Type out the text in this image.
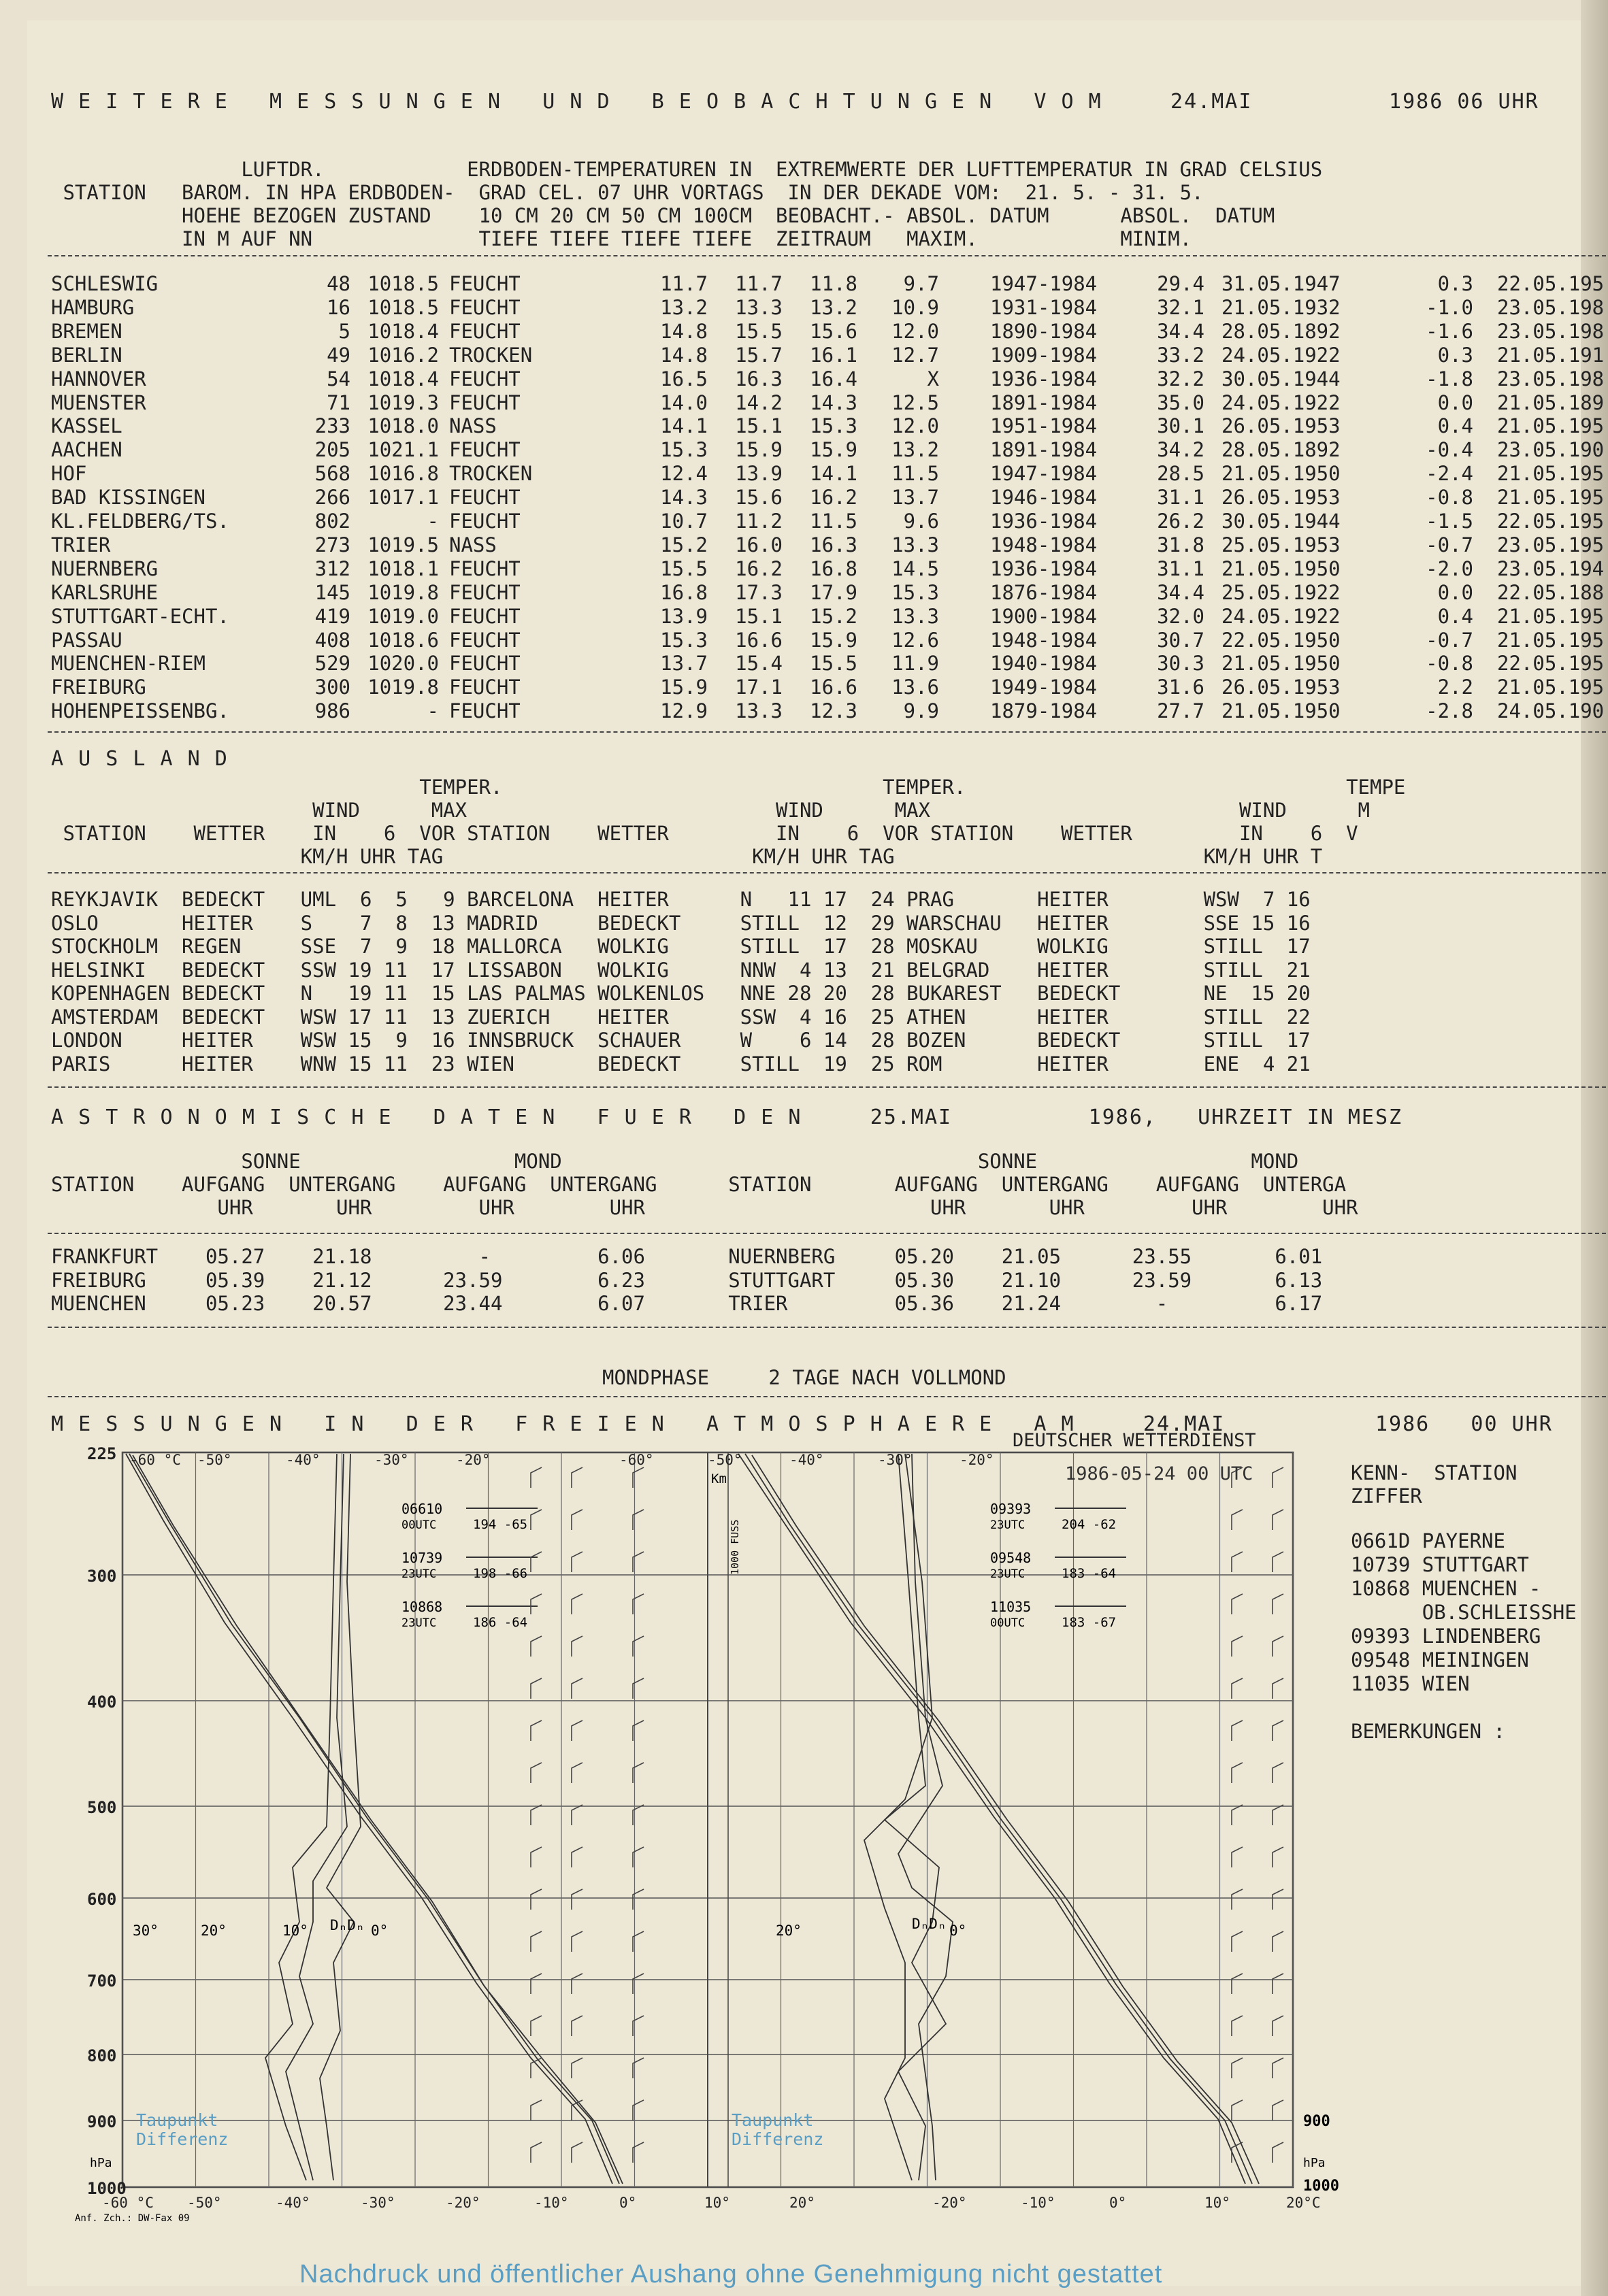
W E I T E R E   M E S S U N G E N   U N D   B E O B A C H T U N G E N   V O M     24.MAI          1986 06 UHR
LUFTDR.            ERDBODEN-TEMPERATUREN IN  EXTREMWERTE DER LUFTTEMPERATUR IN GRAD CELSIUS
STATION   BAROM. IN HPA ERDBODEN-  GRAD CEL. 07 UHR VORTAGS  IN DER DEKADE VOM:  21. 5. - 31. 5.
HOEHE BEZOGEN ZUSTAND    10 CM 20 CM 50 CM 100CM  BEOBACHT.- ABSOL. DATUM      ABSOL.  DATUM
IN M AUF NN              TIEFE TIEFE TIEFE TIEFE  ZEITRAUM   MAXIM.            MINIM.
SCHLESWIG	48 1018.5 FEUCHT	11.7	11.7	11.8	9.7	1947-1984	29.4 31.05.1947	0.3 22.05.195
HAMBURG	16 1018.5 FEUCHT	13.2	13.3	13.2	10.9	1931-1984	32.1 21.05.1932	-1.0 23.05.198
BREMEN	5 1018.4 FEUCHT	14.8	15.5	15.6	12.0	1890-1984	34.4 28.05.1892	-1.6 23.05.198
BERLIN	49 1016.2 TROCKEN	14.8	15.7	16.1	12.7	1909-1984	33.2 24.05.1922	0.3 21.05.191
HANNOVER	54 1018.4 FEUCHT	16.5	16.3	16.4	X	1936-1984	32.2 30.05.1944	-1.8 23.05.198
MUENSTER	71 1019.3 FEUCHT	14.0	14.2	14.3	12.5	1891-1984	35.0 24.05.1922	0.0 21.05.189
KASSEL	233 1018.0 NASS	14.1	15.1	15.3	12.0	1951-1984	30.1 26.05.1953	0.4 21.05.195
AACHEN	205 1021.1 FEUCHT	15.3	15.9	15.9	13.2	1891-1984	34.2 28.05.1892	-0.4 23.05.190
HOF	568 1016.8 TROCKEN	12.4	13.9	14.1	11.5	1947-1984	28.5 21.05.1950	-2.4 21.05.195
BAD KISSINGEN	266 1017.1 FEUCHT	14.3	15.6	16.2	13.7	1946-1984	31.1 26.05.1953	-0.8 21.05.195
KL.FELDBERG/TS.	802	- FEUCHT	10.7	11.2	11.5	9.6	1936-1984	26.2 30.05.1944	-1.5 22.05.195
TRIER	273 1019.5 NASS	15.2	16.0	16.3	13.3	1948-1984	31.8 25.05.1953	-0.7 23.05.195
NUERNBERG	312 1018.1 FEUCHT	15.5	16.2	16.8	14.5	1936-1984	31.1 21.05.1950	-2.0 23.05.194
KARLSRUHE	145 1019.8 FEUCHT	16.8	17.3	17.9	15.3	1876-1984	34.4 25.05.1922	0.0 22.05.188
STUTTGART-ECHT.	419 1019.0 FEUCHT	13.9	15.1	15.2	13.3	1900-1984	32.0 24.05.1922	0.4 21.05.195
PASSAU	408 1018.6 FEUCHT	15.3	16.6	15.9	12.6	1948-1984	30.7 22.05.1950	-0.7 21.05.195
MUENCHEN-RIEM	529 1020.0 FEUCHT	13.7	15.4	15.5	11.9	1940-1984	30.3 21.05.1950	-0.8 22.05.195
FREIBURG	300 1019.8 FEUCHT	15.9	17.1	16.6	13.6	1949-1984	31.6 26.05.1953	2.2 21.05.195
HOHENPEISSENBG.	986	- FEUCHT	12.9	13.3	12.3	9.9	1879-1984	27.7 21.05.1950	-2.8 24.05.190
A U S L A N D
TEMPER.                                TEMPER.                                TEMPE
WIND      MAX                          WIND      MAX                          WIND      M
STATION    WETTER    IN    6  VOR STATION    WETTER         IN    6  VOR STATION    WETTER         IN    6  V
KM/H UHR TAG                          KM/H UHR TAG                          KM/H UHR T
REYKJAVIK  BEDECKT   UML  6  5   9 BARCELONA  HEITER      N   11 17  24 PRAG       HEITER        WSW  7 16
OSLO       HEITER    S    7  8  13 MADRID     BEDECKT     STILL  12  29 WARSCHAU   HEITER        SSE 15 16
STOCKHOLM  REGEN     SSE  7  9  18 MALLORCA   WOLKIG      STILL  17  28 MOSKAU     WOLKIG        STILL  17
HELSINKI   BEDECKT   SSW 19 11  17 LISSABON   WOLKIG      NNW  4 13  21 BELGRAD    HEITER        STILL  21
KOPENHAGEN BEDECKT   N   19 11  15 LAS PALMAS WOLKENLOS   NNE 28 20  28 BUKAREST   BEDECKT       NE  15 20
AMSTERDAM  BEDECKT   WSW 17 11  13 ZUERICH    HEITER      SSW  4 16  25 ATHEN      HEITER        STILL  22
LONDON     HEITER    WSW 15  9  16 INNSBRUCK  SCHAUER     W    6 14  28 BOZEN      BEDECKT       STILL  17
PARIS      HEITER    WNW 15 11  23 WIEN       BEDECKT     STILL  19  25 ROM        HEITER        ENE  4 21
A S T R O N O M I S C H E   D A T E N   F U E R   D E N     25.MAI          1986,   UHRZEIT IN MESZ
SONNE                  MOND                                   SONNE                  MOND
STATION    AUFGANG  UNTERGANG    AUFGANG  UNTERGANG      STATION       AUFGANG  UNTERGANG    AUFGANG  UNTERGA
UHR       UHR         UHR        UHR                        UHR       UHR         UHR        UHR
FRANKFURT    05.27    21.18         -         6.06       NUERNBERG     05.20    21.05      23.55       6.01
FREIBURG     05.39    21.12      23.59        6.23       STUTTGART     05.30    21.10      23.59       6.13
MUENCHEN     05.23    20.57      23.44        6.07       TRIER         05.36    21.24        -         6.17
MONDPHASE     2 TAGE NACH VOLLMOND
M E S S U N G E N   I N   D E R   F R E I E N   A T M O S P H A E R E   A M     24.MAI           1986   00 UHR
DEUTSCHER WETTERDIENST
KENN-  STATION
ZIFFER
0661D PAYERNE
10739 STUTTGART
10868 MUENCHEN -
OB.SCHLEISSHE
09393 LINDENBERG
09548 MEININGEN
11035 WIEN
BEMERKUNGEN :
225
300
400
500
600
700
800
900
1000
-60 °C -50°	-40°	-30°	-20°	-60°	-50°	-40°	-30°	-20°
-60 °C -50°	-40°	-30°	-20°	-10°	0°	10°	20°	-20°	-10°	0°	10°	20°C
30°	20°	10° DₙDₙ 0°	20°	DₙDₙ 0°
1986-05-24 00 UTC
06610
00UTC	194 -65
10739
23UTC	198 -66
10868
23UTC	186 -64
09393
23UTC	204 -62
09548
23UTC	183 -64
11035
00UTC	183 -67
Km
1000 FUSS
Taupunkt
Differenz
Taupunkt
Differenz
hPa	hPa
900
1000
Anf. Zch.: DW-Fax 09
Nachdruck und öffentlicher Aushang ohne Genehmigung nicht gestattet
